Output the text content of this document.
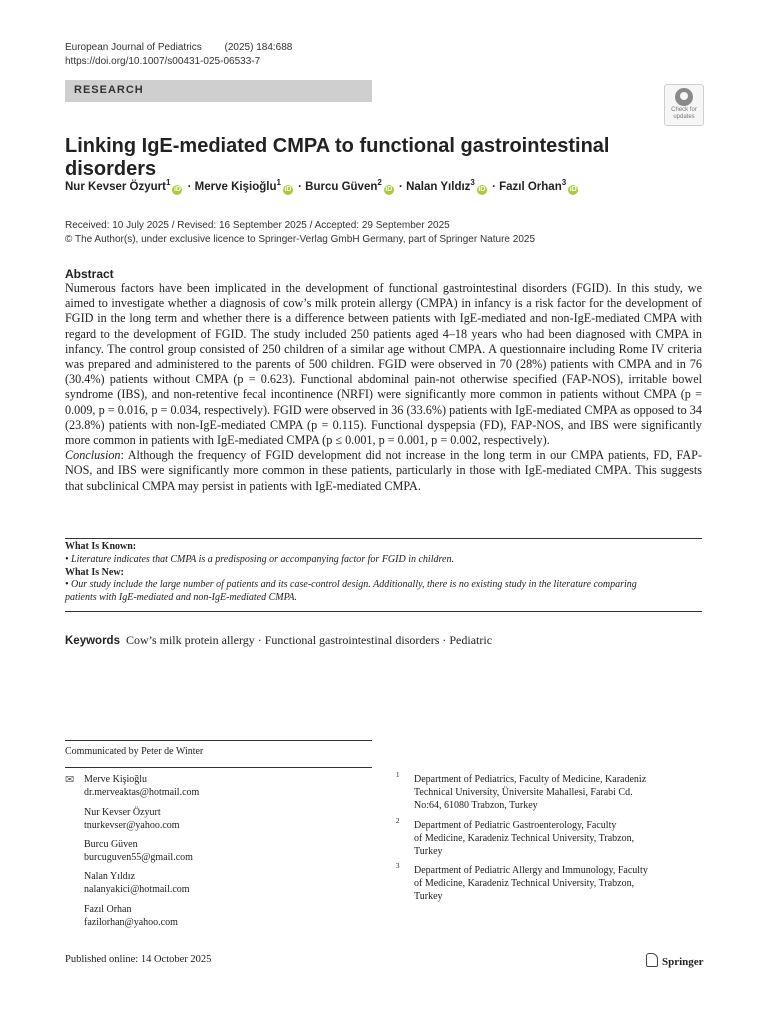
European Journal of Pediatrics (2025) 184:688
https://doi.org/10.1007/s00431-025-06533-7
RESEARCH
Check for
updates
Linking IgE-mediated CMPA to functional gastrointestinal disorders
Nur Kevser Özyurt$^1$iD · Merve Kişioğlu$^1$iD · Burcu Güven$^2$iD · Nalan Yıldız$^3$iD · Fazıl Orhan$^3$iD
Received: 10 July 2025 / Revised: 16 September 2025 / Accepted: 29 September 2025
© The Author(s), under exclusive licence to Springer-Verlag GmbH Germany, part of Springer Nature 2025
Abstract
Numerous factors have been implicated in the development of functional gastrointestinal disorders (FGID). In this study, we aimed to investigate whether a diagnosis of cow’s milk protein allergy (CMPA) in infancy is a risk factor for the development of FGID in the long term and whether there is a difference between patients with IgE-mediated and non-IgE-mediated CMPA with regard to the development of FGID. The study included 250 patients aged 4–18 years who had been diagnosed with CMPA in infancy. The control group consisted of 250 children of a similar age without CMPA. A questionnaire including Rome IV criteria was prepared and administered to the parents of 500 children. FGID were observed in 70 (28%) patients with CMPA and in 76 (30.4%) patients without CMPA (p = 0.623). Functional abdominal pain-not otherwise specified (FAP-NOS), irritable bowel syndrome (IBS), and non-retentive fecal incontinence (NRFI) were significantly more common in patients without CMPA (p = 0.009, p = 0.016, p = 0.034, respectively). FGID were observed in 36 (33.6%) patients with IgE-mediated CMPA as opposed to 34 (23.8%) patients with non-IgE-mediated CMPA (p = 0.115). Functional dyspepsia (FD), FAP-NOS, and IBS were significantly more common in patients with IgE-mediated CMPA (p ≤ 0.001, p = 0.001, p = 0.002, respectively).
Conclusion: Although the frequency of FGID development did not increase in the long term in our CMPA patients, FD, FAP-NOS, and IBS were significantly more common in these patients, particularly in those with IgE-mediated CMPA. This suggests that subclinical CMPA may persist in patients with IgE-mediated CMPA.
What Is Known:
• Literature indicates that CMPA is a predisposing or accompanying factor for FGID in children.
What Is New:
• Our study include the large number of patients and its case-control design. Additionally, there is no existing study in the literature comparing patients with IgE-mediated and non-IgE-mediated CMPA.
Keywords Cow’s milk protein allergy · Functional gastrointestinal disorders · Pediatric
Communicated by Peter de Winter
✉ Merve Kişioğlu
dr.merveaktas@hotmail.com
Nur Kevser Özyurt
tnurkevser@yahoo.com
Burcu Güven
burcuguven55@gmail.com
Nalan Yıldız
nalanyakici@hotmail.com
Fazıl Orhan
fazilorhan@yahoo.com
1 Department of Pediatrics, Faculty of Medicine, Karadeniz
Technical University, Üniversite Mahallesi, Farabi Cd.
No:64, 61080 Trabzon, Turkey
2 Department of Pediatric Gastroenterology, Faculty
of Medicine, Karadeniz Technical University, Trabzon,
Turkey
3 Department of Pediatric Allergy and Immunology, Faculty
of Medicine, Karadeniz Technical University, Trabzon,
Turkey
Published online: 14 October 2025	Springer
